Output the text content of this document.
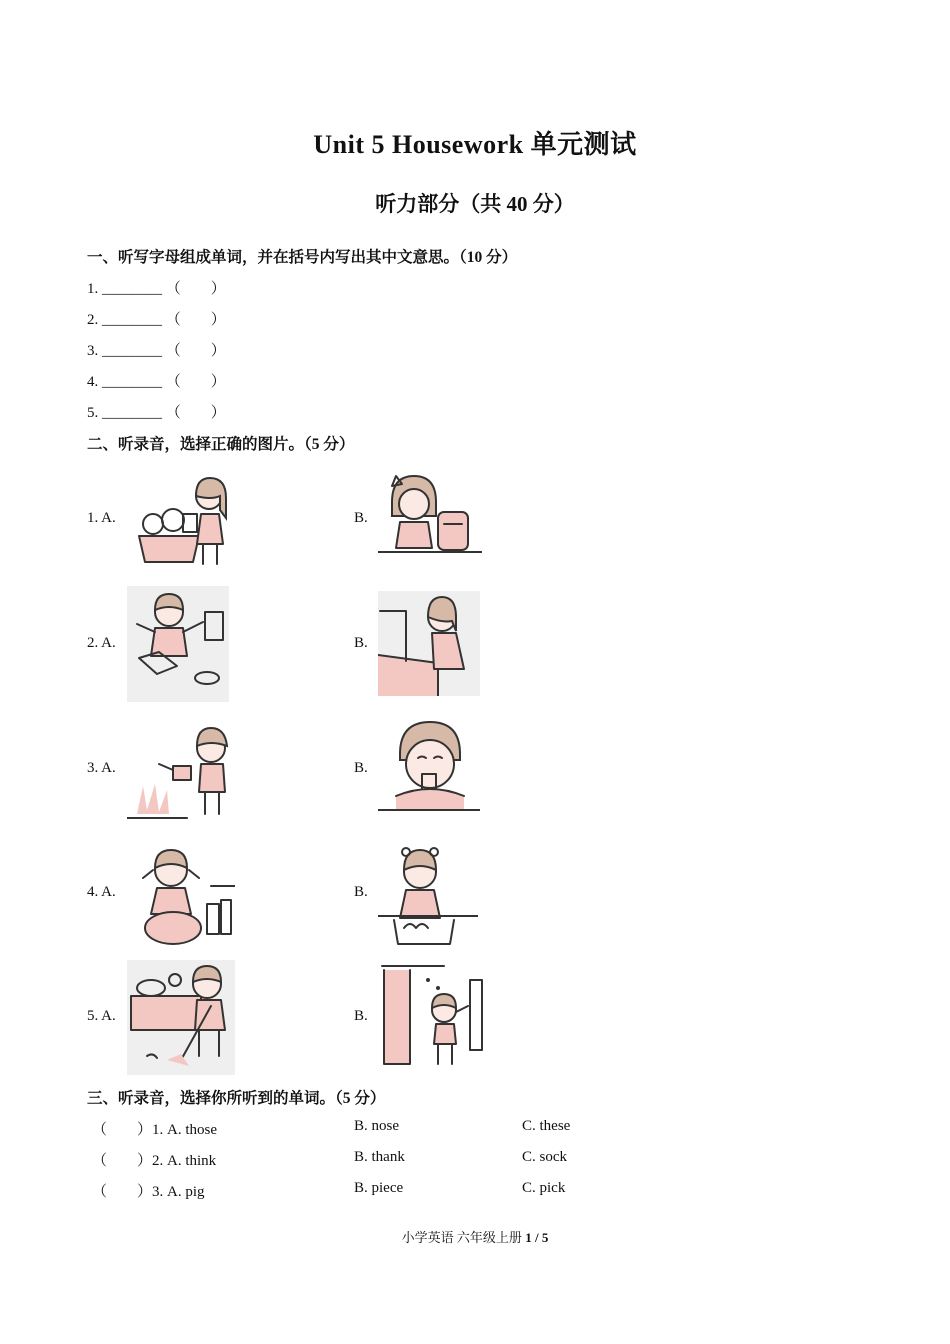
Unit 5 Housework 单元测试
听力部分（共 40 分）
一、听写字母组成单词，并在括号内写出其中文意思。（10 分）
1. ________ （        ）
2. ________ （        ）
3. ________ （        ）
4. ________ （        ）
5. ________ （        ）
二、听录音，选择正确的图片。（5 分）
1. A.	B.
2. A.	B.
3. A.	B.
4. A.	B.
5. A.	B.
三、听录音，选择你所听到的单词。（5 分）
（        ）1. A. those	B. nose	C. these
（        ）2. A. think	B. thank	C. sock
（        ）3. A. pig	B. piece	C. pick
小学英语 六年级上册 1 / 5
